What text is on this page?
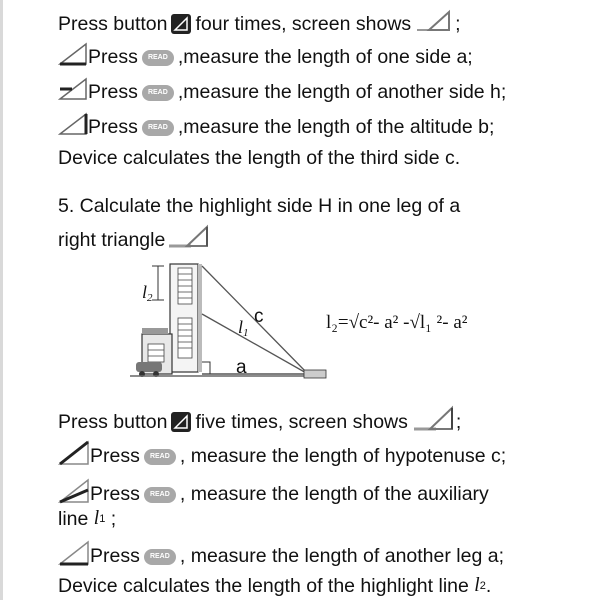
Press button four times, screen shows ;
Press	READ ,measure the length of one side a;
Press	READ ,measure the length of another side h;
Press	READ ,measure the length of the altitude b;
Device calculates the length of the third side c.
5. Calculate the highlight side H in one leg of a
right triangle
$l_2$
$l_1$
c
a
l₂=√c²- a² -√l₁ ²- a²
Press button five times, screen shows ;
Press	READ , measure the length of hypotenuse c;
Press	READ , measure the length of the auxiliary
line
l 1
;
Press	READ , measure the length of another leg a;
Device calculates the length of the highlight line
l 2 .
